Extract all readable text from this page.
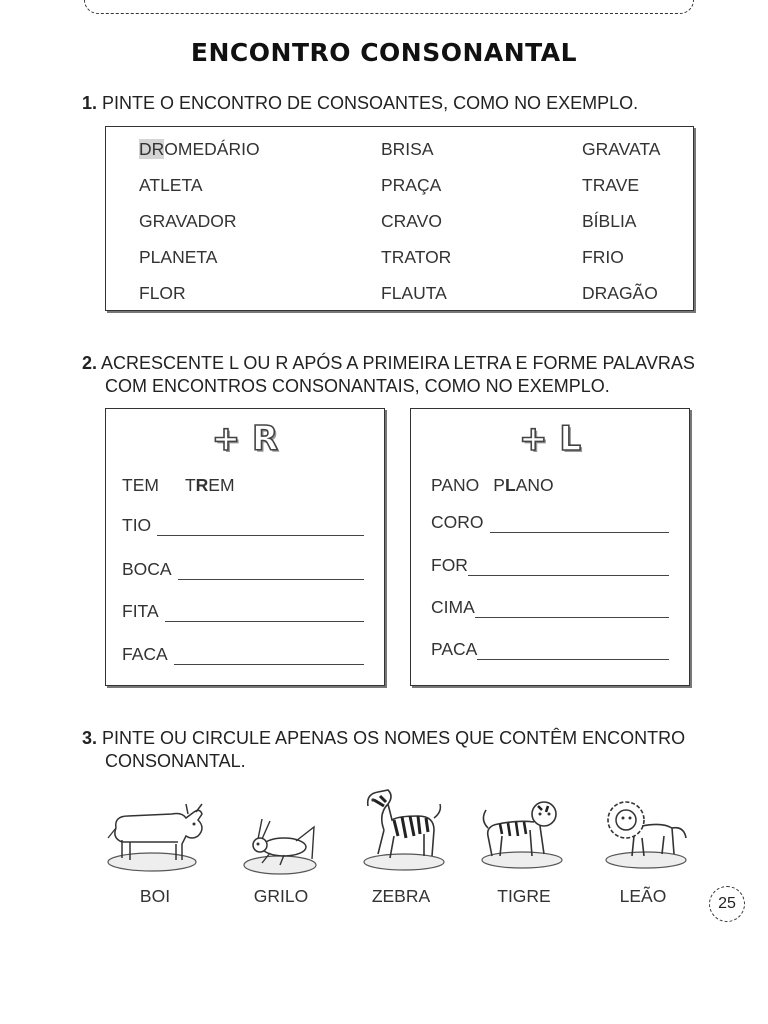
ENCONTRO CONSONANTAL
1. PINTE O ENCONTRO DE CONSOANTES, COMO NO EXEMPLO.
DROMEDÁRIO	BRISA	GRAVATA
ATLETA	PRAÇA	TRAVE
GRAVADOR	CRAVO	BÍBLIA
PLANETA	TRATOR	FRIO
FLOR	FLAUTA	DRAGÃO
2. ACRESCENTE L OU R APÓS A PRIMEIRA LETRA E FORME PALAVRAS
COM ENCONTROS CONSONANTAIS, COMO NO EXEMPLO.
+ R
TEM TREM
TIO
BOCA
FITA
FACA
+ L
PANO PLANO
CORO
FOR
CIMA
PACA
3. PINTE OU CIRCULE APENAS OS NOMES QUE CONTÊM ENCONTRO
CONSONANTAL.
BOI	GRILO	ZEBRA	TIGRE	LEÃO	25
